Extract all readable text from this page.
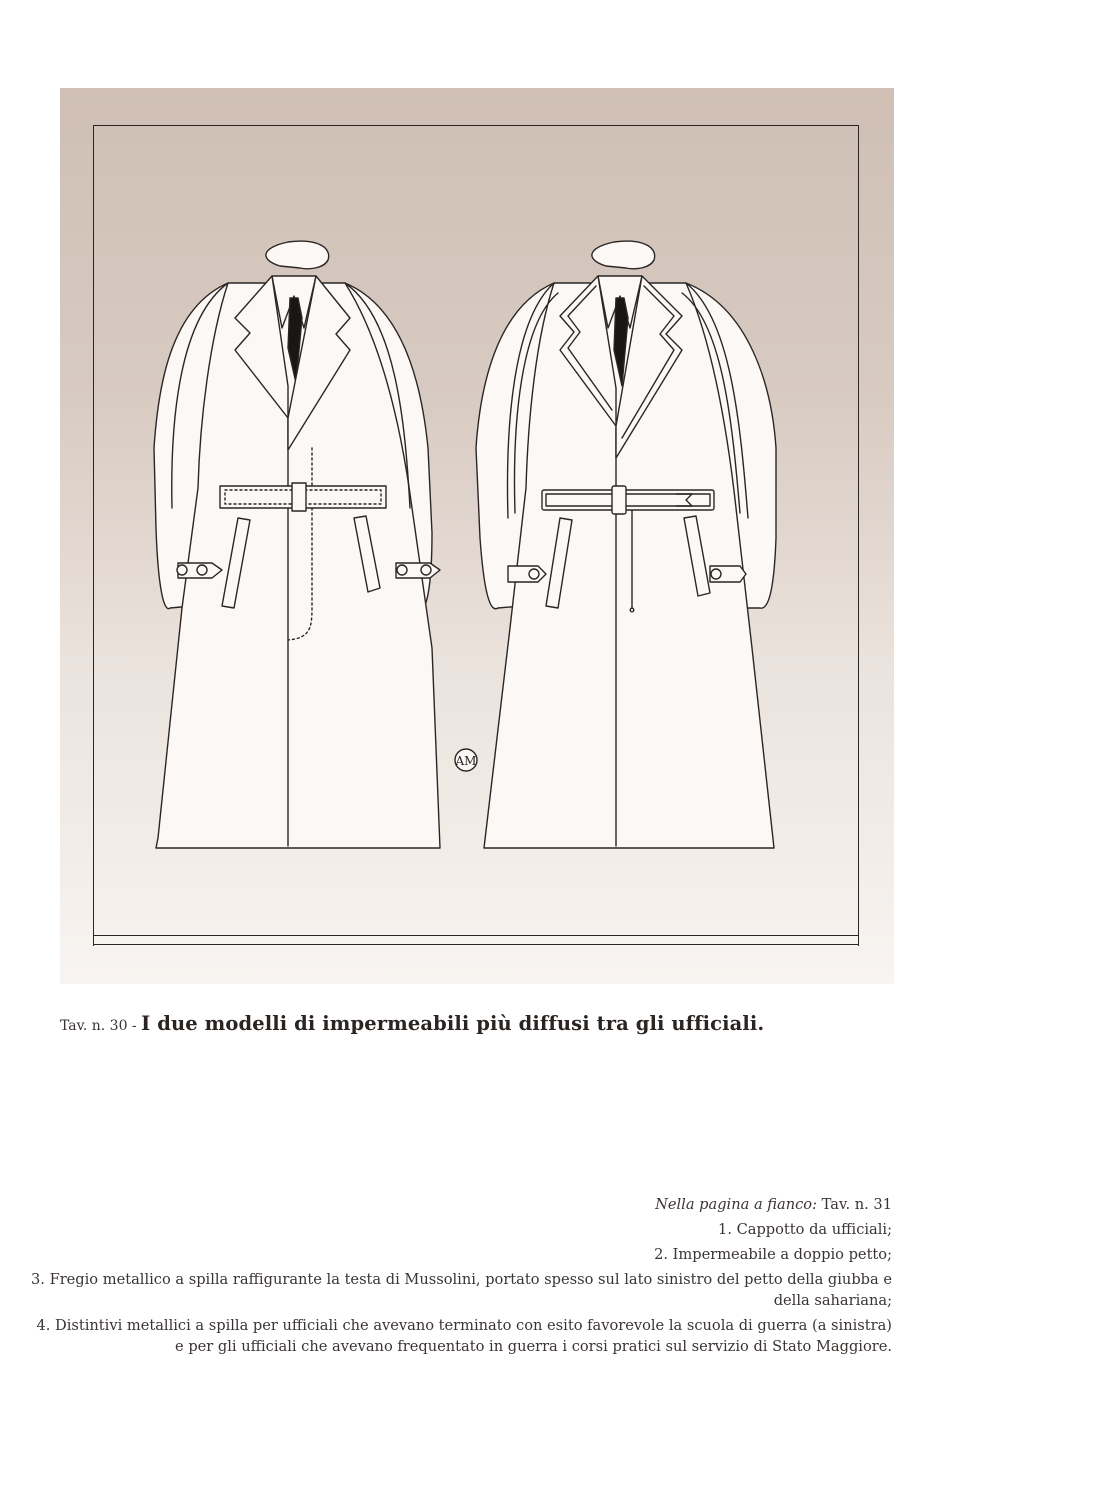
AM
Tav. n. 30 - I due modelli di impermeabili più diffusi tra gli ufficiali.
Nella pagina a fianco: Tav. n. 31
1. Cappotto da ufficiali;
2. Impermeabile a doppio petto;
3. Fregio metallico a spilla raffigurante la testa di Mussolini, portato spesso sul lato sinistro del petto della giubba e della sahariana;
4. Distintivi metallici a spilla per ufficiali che avevano terminato con esito favorevole la scuola di guerra (a sinistra) e per gli ufficiali che avevano frequentato in guerra i corsi pratici sul servizio di Stato Maggiore.
